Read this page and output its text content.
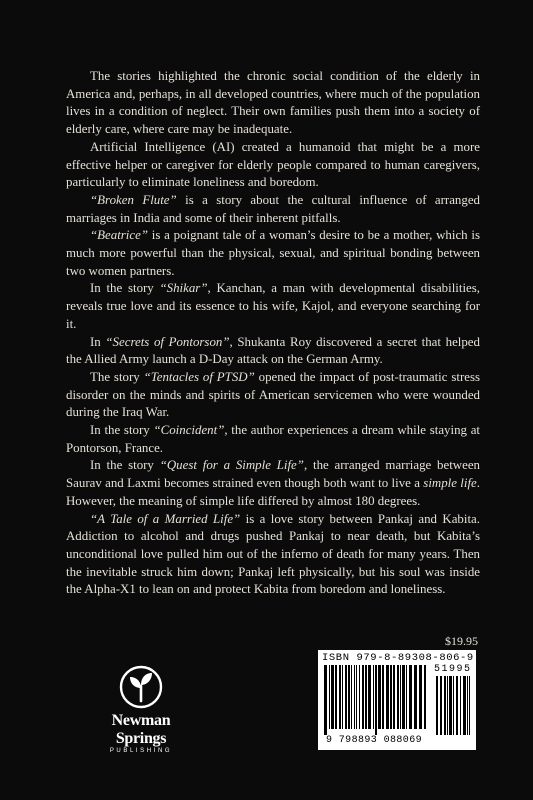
The stories highlighted the chronic social condition of the elderly in America and, perhaps, in all developed countries, where much of the population lives in a condition of neglect. Their own families push them into a society of elderly care, where care may be inadequate.

Artificial Intelligence (AI) created a humanoid that might be a more effective helper or caregiver for elderly people compared to human caregivers, particularly to eliminate loneliness and boredom.

“Broken Flute” is a story about the cultural influence of arranged marriages in India and some of their inherent pitfalls.

“Beatrice” is a poignant tale of a woman’s desire to be a mother, which is much more powerful than the physical, sexual, and spiritual bonding between two women partners.

In the story “Shikar”, Kanchan, a man with developmental disabilities, reveals true love and its essence to his wife, Kajol, and everyone searching for it.

In “Secrets of Pontorson”, Shukanta Roy discovered a secret that helped the Allied Army launch a D-Day attack on the German Army.

The story “Tentacles of PTSD” opened the impact of post-traumatic stress disorder on the minds and spirits of American servicemen who were wounded during the Iraq War.

In the story “Coincident”, the author experiences a dream while staying at Pontorson, France.

In the story “Quest for a Simple Life”, the arranged marriage between Saurav and Laxmi becomes strained even though both want to live a simple life. However, the meaning of simple life differed by almost 180 degrees.

“A Tale of a Married Life” is a love story between Pankaj and Kabita. Addiction to alcohol and drugs pushed Pankaj to near death, but Kabita’s unconditional love pulled him out of the inferno of death for many years. Then the inevitable struck him down; Pankaj left physically, but his soul was inside the Alpha-X1 to lean on and protect Kabita from boredom and loneliness.

Newman Springs
PUBLISHING
$19.95
ISBN 979-8-89308-806-9
51995
9 798893 088069
